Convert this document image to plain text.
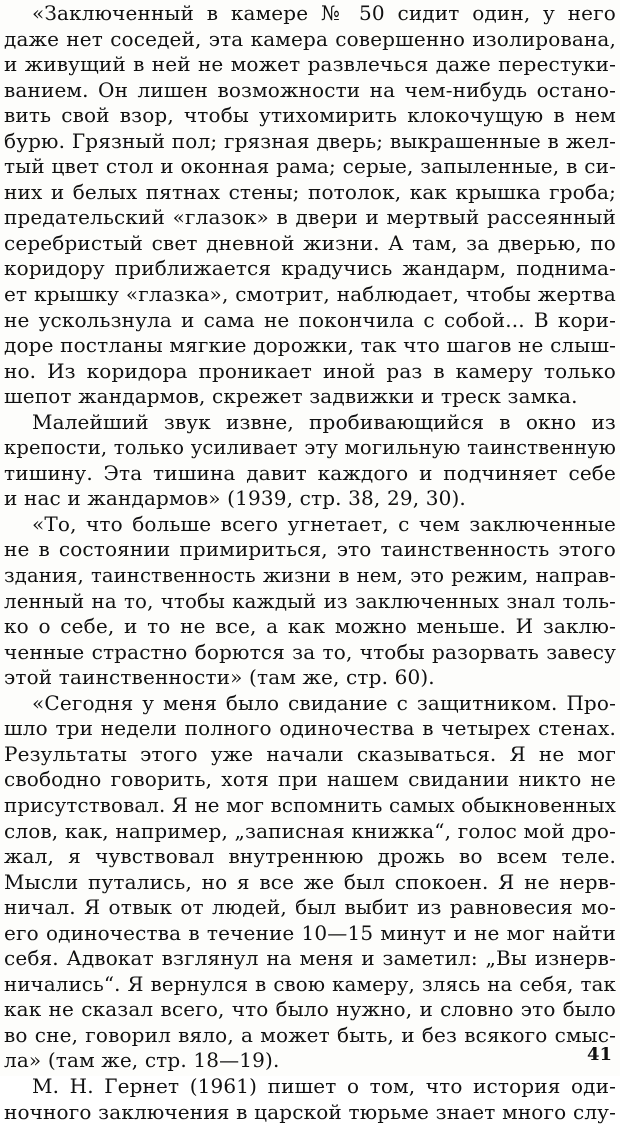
«Заключенный в камере № 50 сидит один, у него
даже нет соседей, эта камера совершенно изолирована,
и живущий в ней не может развлечься даже перестуки-
ванием. Он лишен возможности на чем-нибудь остано-
вить свой взор, чтобы утихомирить клокочущую в нем
бурю. Грязный пол; грязная дверь; выкрашенные в жел-
тый цвет стол и оконная рама; серые, запыленные, в си-
них и белых пятнах стены; потолок, как крышка гроба;
предательский «глазок» в двери и мертвый рассеянный
серебристый свет дневной жизни. А там, за дверью, по
коридору приближается крадучись жандарм, поднима-
ет крышку «глазка», смотрит, наблюдает, чтобы жертва
не ускользнула и сама не покончила с собой... В кори-
доре постланы мягкие дорожки, так что шагов не слыш-
но. Из коридора проникает иной раз в камеру только
шепот жандармов, скрежет задвижки и треск замка.
Малейший звук извне, пробивающийся в окно из
крепости, только усиливает эту могильную таинственную
тишину. Эта тишина давит каждого и подчиняет себе
и нас и жандармов» (1939, стр. 38, 29, 30).
«То, что больше всего угнетает, с чем заключенные
не в состоянии примириться, это таинственность этого
здания, таинственность жизни в нем, это режим, направ-
ленный на то, чтобы каждый из заключенных знал толь-
ко о себе, и то не все, а как можно меньше. И заклю-
ченные страстно борются за то, чтобы разорвать завесу
этой таинственности» (там же, стр. 60).
«Сегодня у меня было свидание с защитником. Про-
шло три недели полного одиночества в четырех стенах.
Результаты этого уже начали сказываться. Я не мог
свободно говорить, хотя при нашем свидании никто не
присутствовал. Я не мог вспомнить самых обыкновенных
слов, как, например, „записная книжка“, голос мой дро-
жал, я чувствовал внутреннюю дрожь во всем теле.
Мысли путались, но я все же был спокоен. Я не нерв-
ничал. Я отвык от людей, был выбит из равновесия мо-
его одиночества в течение 10—15 минут и не мог найти
себя. Адвокат взглянул на меня и заметил: „Вы изнерв-
ничались“. Я вернулся в свою камеру, злясь на себя, так
как не сказал всего, что было нужно, и словно это было
во сне, говорил вяло, а может быть, и без всякого смыс-
ла» (там же, стр. 18—19).
М. Н. Гернет (1961) пишет о том, что история оди-
ночного заключения в царской тюрьме знает много слу-
41
